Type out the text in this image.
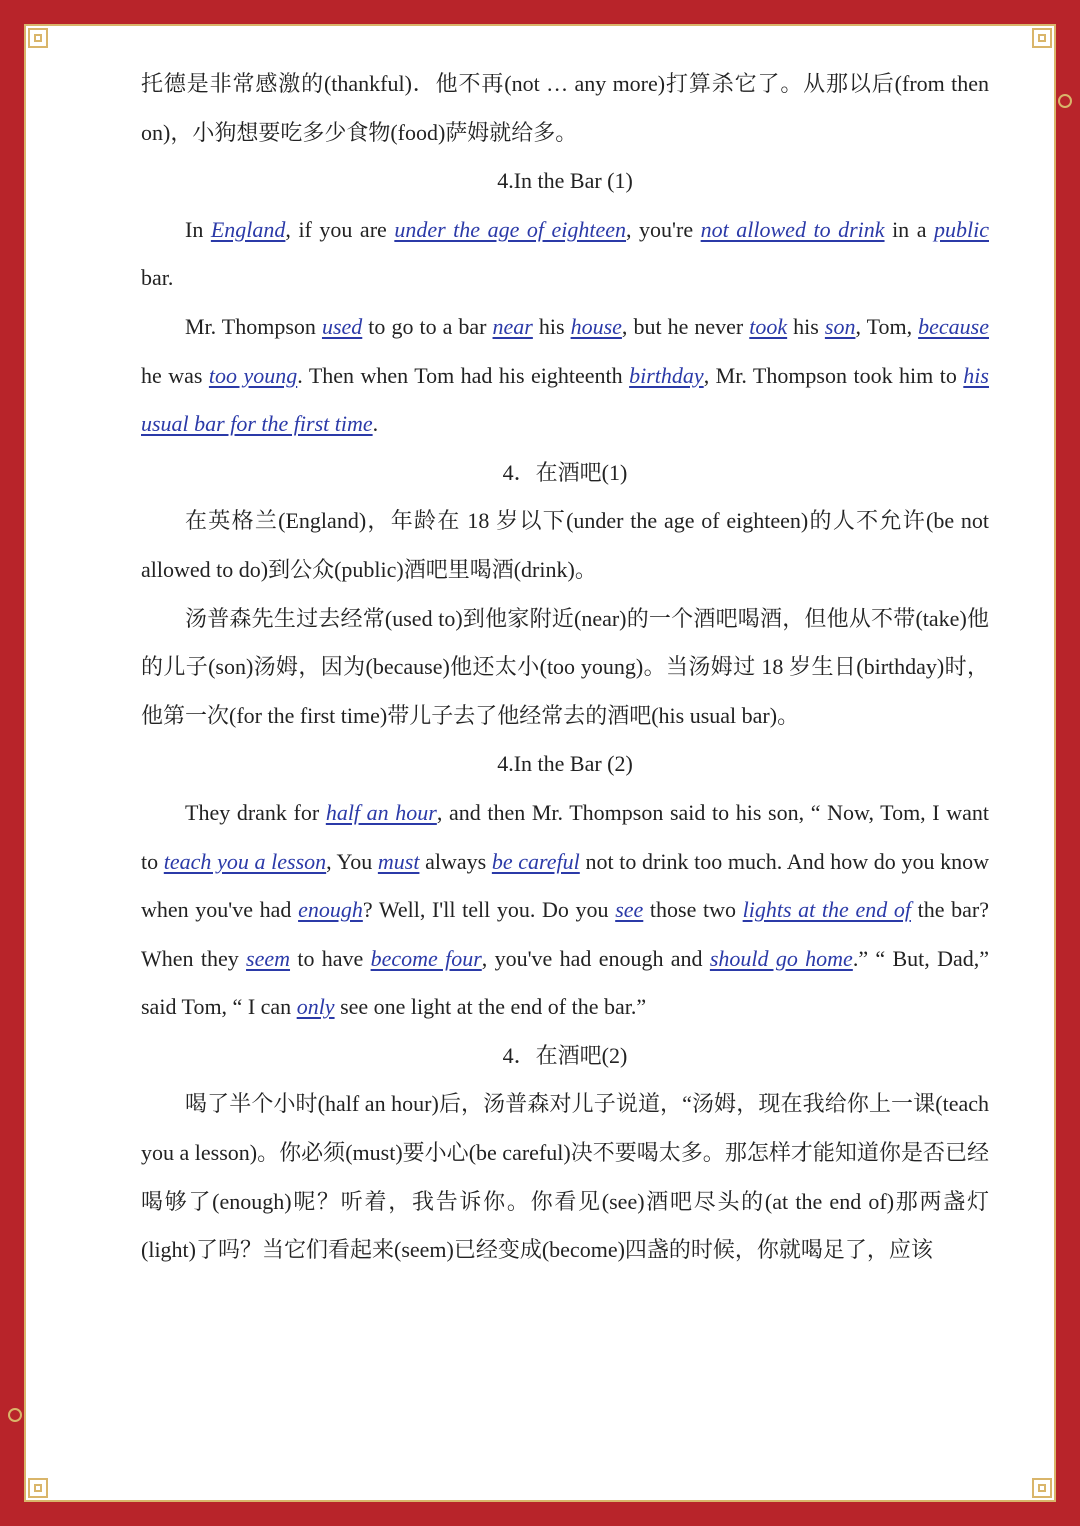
托德是非常感激的(thankful)．他不再(not … any more)打算杀它了。从那以后(from then on)，小狗想要吃多少食物(food)萨姆就给多。

4.In the Bar (1)

In England, if you are under the age of eighteen, you're not allowed to drink in a public bar.

Mr. Thompson used to go to a bar near his house, but he never took his son, Tom, because he was too young. Then when Tom had his eighteenth birthday, Mr. Thompson took him to his usual bar for the first time.

4．在酒吧(1)

在英格兰(England)，年龄在 18 岁以下(under the age of eighteen)的人不允许(be not allowed to do)到公众(public)酒吧里喝酒(drink)。

汤普森先生过去经常(used to)到他家附近(near)的一个酒吧喝酒，但他从不带(take)他的儿子(son)汤姆，因为(because)他还太小(too young)。当汤姆过 18 岁生日(birthday)时，他第一次(for the first time)带儿子去了他经常去的酒吧(his usual bar)。

4.In the Bar (2)

They drank for half an hour, and then Mr. Thompson said to his son, “ Now, Tom, I want to teach you a lesson, You must always be careful not to drink too much. And how do you know when you've had enough? Well, I'll tell you. Do you see those two lights at the end of the bar? When they seem to have become four, you've had enough and should go home.” “ But, Dad,” said Tom, “ I can only see one light at the end of the bar.”

4．在酒吧(2)

喝了半个小时(half an hour)后，汤普森对儿子说道，“汤姆，现在我给你上一课(teach you a lesson)。你必须(must)要小心(be careful)决不要喝太多。那怎样才能知道你是否已经喝够了(enough)呢？听着，我告诉你。你看见(see)酒吧尽头的(at the end of)那两盏灯(light)了吗？当它们看起来(seem)已经变成(become)四盏的时候，你就喝足了，应该
